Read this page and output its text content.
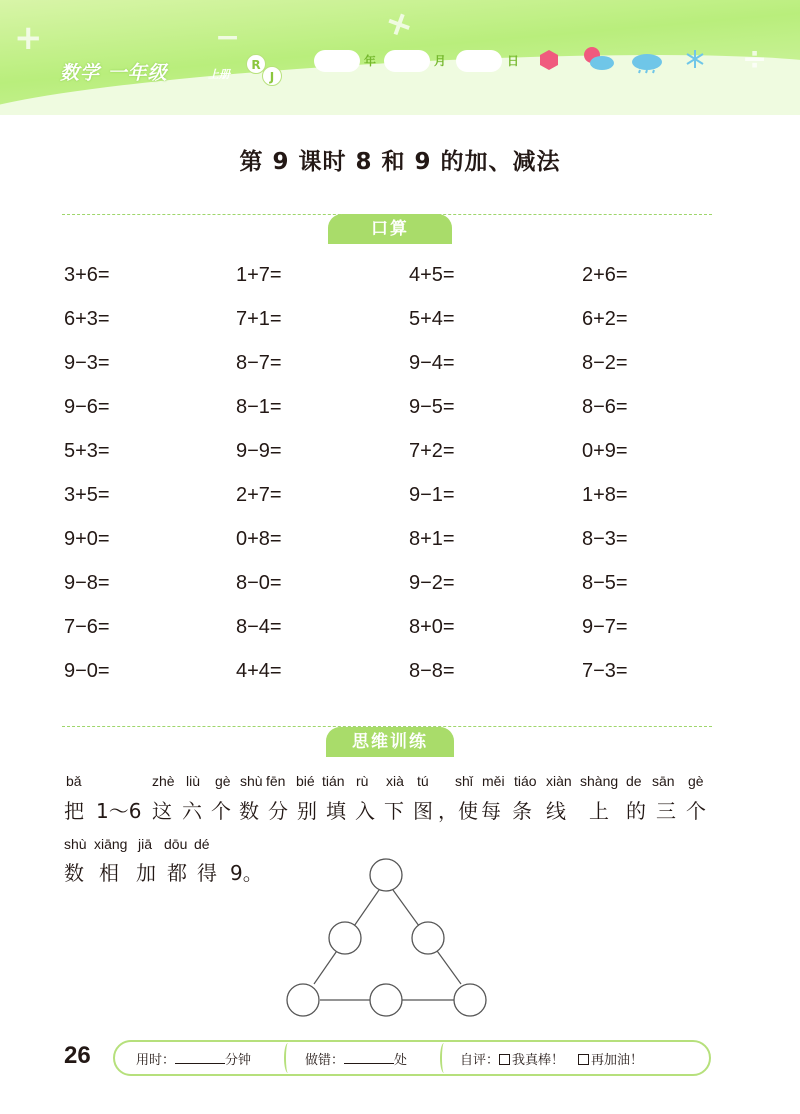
+	−	+
÷
数学 一年级	上册
R
J
年	月	日
第 9 课时 8 和 9 的加、减法
口算
3+6=	1+7=	4+5=	2+6=
6+3=	7+1=	5+4=	6+2=
9−3=	8−7=	9−4=	8−2=
9−6=	8−1=	9−5=	8−6=
5+3=	9−9=	7+2=	0+9=
3+5=	2+7=	9−1=	1+8=
9+0=	0+8=	8+1=	8−3=
9−8=	8−0=	9−2=	8−5=
7−6=	8−4=	8+0=	9−7=
9−0=	4+4=	8−8=	7−3=
思维训练
bǎ	zhè liù gè shù fēn bié tián rù xià tú shǐ měi tiáo xiàn shàng de sān gè
把 1～6 这 六 个 数 分 别 填 入 下 图 ，使 每 条 线 上 的 三 个
shù xiāng jiā dōu dé
数 相 加 都 得 9。
26	用时：	分钟	做错：	处	自评： 我真棒！ 再加油！
